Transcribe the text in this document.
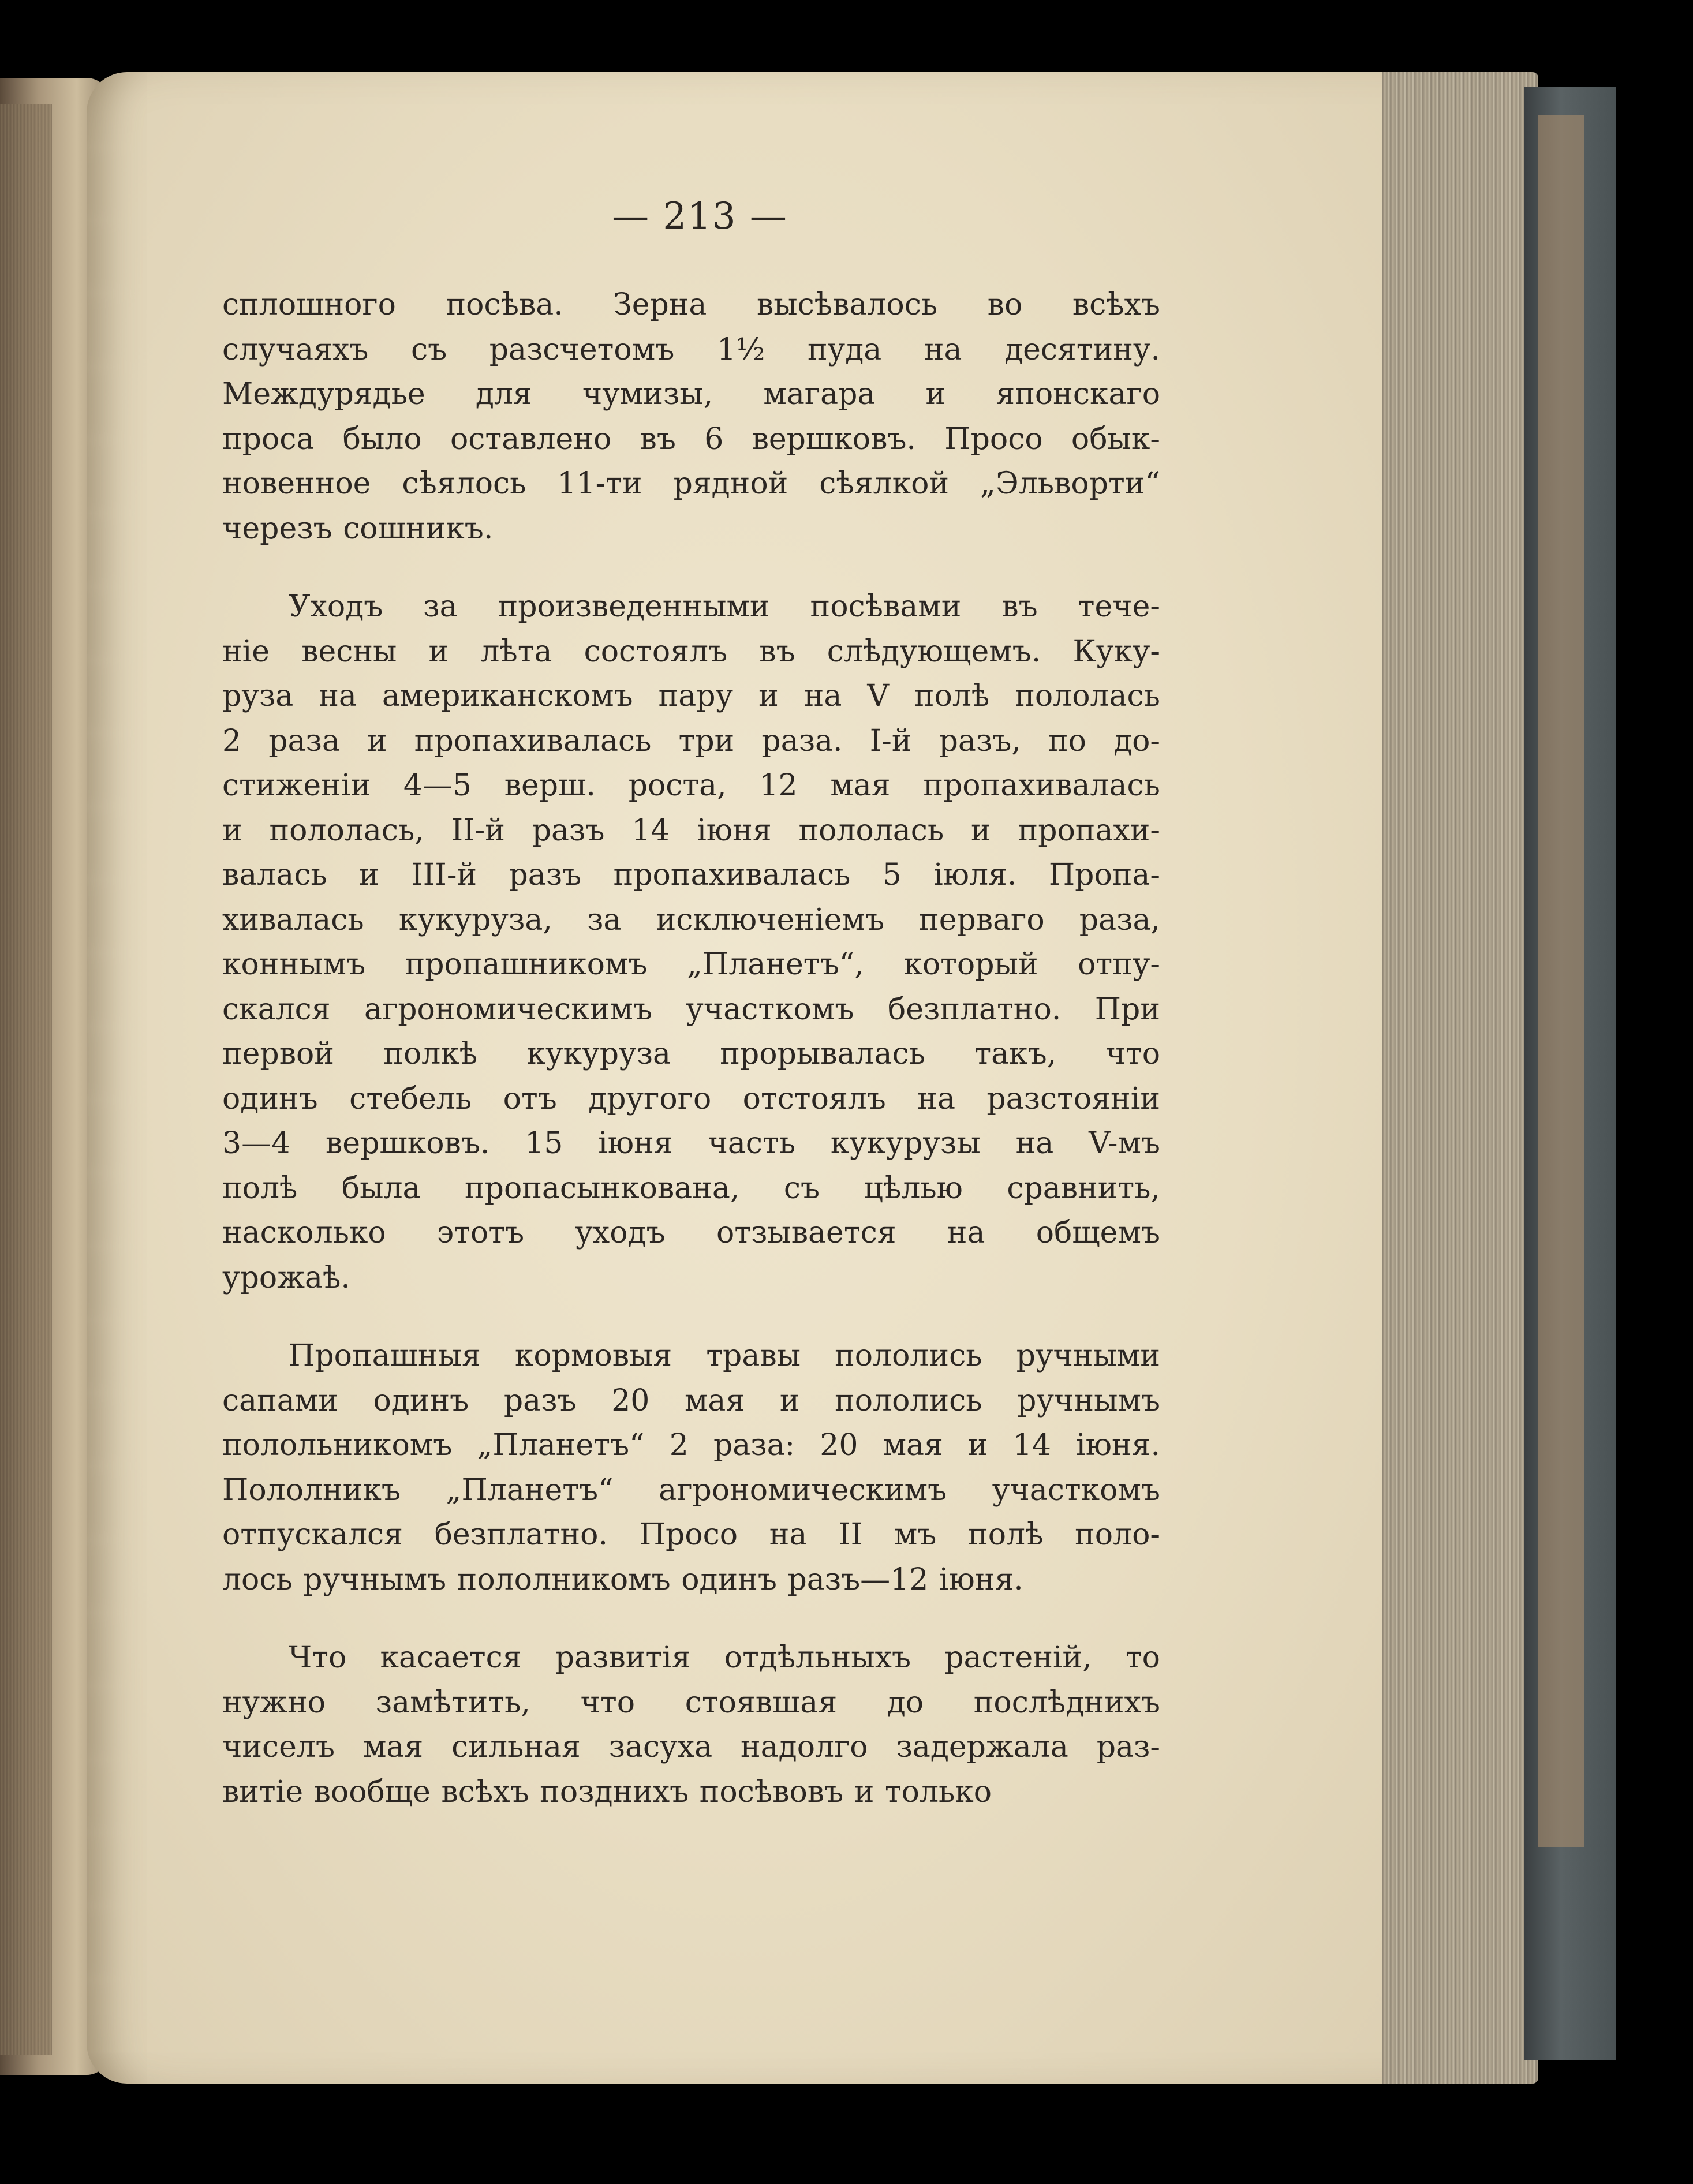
— 213 —
сплошного посѣва. Зерна высѣвалось во всѣхъ
случаяхъ съ разсчетомъ 1½ пуда на десятину.
Междурядье для чумизы, магара и японскаго
проса было оставлено въ 6 вершковъ. Просо обык-
новенное сѣялось 11-ти рядной сѣялкой „Эльворти“
черезъ сошникъ.
Уходъ за произведенными посѣвами въ тече-
ніе весны и лѣта состоялъ въ слѣдующемъ. Куку-
руза на американскомъ пару и на V полѣ пололась
2 раза и пропахивалась три раза. I-й разъ, по до-
стиженіи 4—5 верш. роста, 12 мая пропахивалась
и пололась, II-й разъ 14 іюня пололась и пропахи-
валась и III-й разъ пропахивалась 5 іюля. Пропа-
хивалась кукуруза, за исключеніемъ перваго раза,
коннымъ пропашникомъ „Планетъ“, который отпу-
скался агрономическимъ участкомъ безплатно. При
первой полкѣ кукуруза прорывалась такъ, что
одинъ стебель отъ другого отстоялъ на разстояніи
3—4 вершковъ. 15 іюня часть кукурузы на V-мъ
полѣ была пропасынкована, съ цѣлью сравнить,
насколько этотъ уходъ отзывается на общемъ
урожаѣ.
Пропашныя кормовыя травы пололись ручными
сапами одинъ разъ 20 мая и пололись ручнымъ
полольникомъ „Планетъ“ 2 раза: 20 мая и 14 іюня.
Пололникъ „Планетъ“ агрономическимъ участкомъ
отпускался безплатно. Просо на II мъ полѣ поло-
лось ручнымъ пололникомъ одинъ разъ—12 іюня.
Что касается развитія отдѣльныхъ растеній, то
нужно замѣтить, что стоявшая до послѣднихъ
чиселъ мая сильная засуха надолго задержала раз-
витіе вообще всѣхъ позднихъ посѣвовъ и только
